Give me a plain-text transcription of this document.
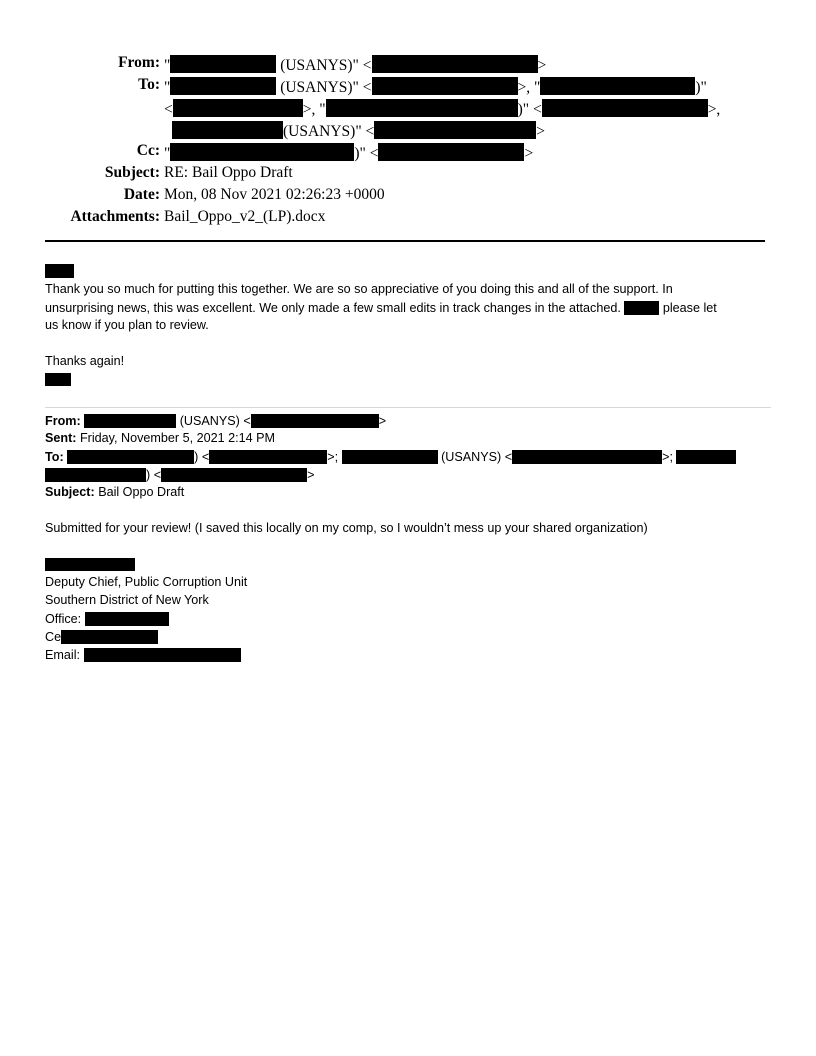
From: "	(USANYS)" <	>
To: "	(USANYS)" <	>, "	)"
<	>, "	)" <	>,
(USANYS)" <	>
Cc: "	)" <	>
Subject: RE: Bail Oppo Draft
Date: Mon, 08 Nov 2021 02:26:23 +0000
Attachments: Bail_Oppo_v2_(LP).docx
Thank you so much for putting this together. We are so so appreciative of you doing this and all of the support. In
unsurprising news, this was excellent. We only made a few small edits in track changes in the attached.	please let
us know if you plan to review.
Thanks again!
From:	(USANYS) <	>
Sent: Friday, November 5, 2021 2:14 PM
To:	) <	>;	(USANYS) <	>;
) <	>
Subject: Bail Oppo Draft
Submitted for your review! (I saved this locally on my comp, so I wouldn’t mess up your shared organization)
Deputy Chief, Public Corruption Unit
Southern District of New York
Office:
Ce
Email:
